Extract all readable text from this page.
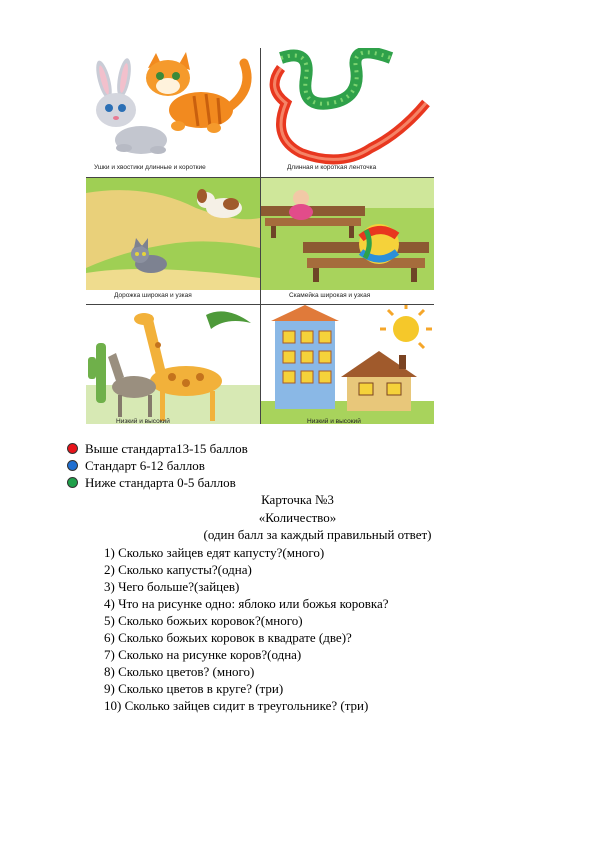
Ушки и хвостики длинные и короткие	Длинная и короткая ленточка
Дорожка широкая и узкая	Скамейка широкая и узкая
Низкий и высокий	Низкий и высокий
Выше стандарта13-15 баллов
Стандарт 6-12 баллов
Ниже стандарта 0-5 баллов
Карточка №3
«Количество»
(один балл за каждый правильный ответ)
1) Сколько зайцев едят капусту?(много)
2) Сколько капусты?(одна)
3) Чего больше?(зайцев)
4) Что на рисунке одно: яблоко или божья коровка?
5) Сколько божьих коровок?(много)
6) Сколько божьих коровок в квадрате (две)?
7) Сколько на рисунке коров?(одна)
8) Сколько цветов? (много)
9) Сколько цветов в круге? (три)
10) Сколько зайцев сидит в треугольнике? (три)
